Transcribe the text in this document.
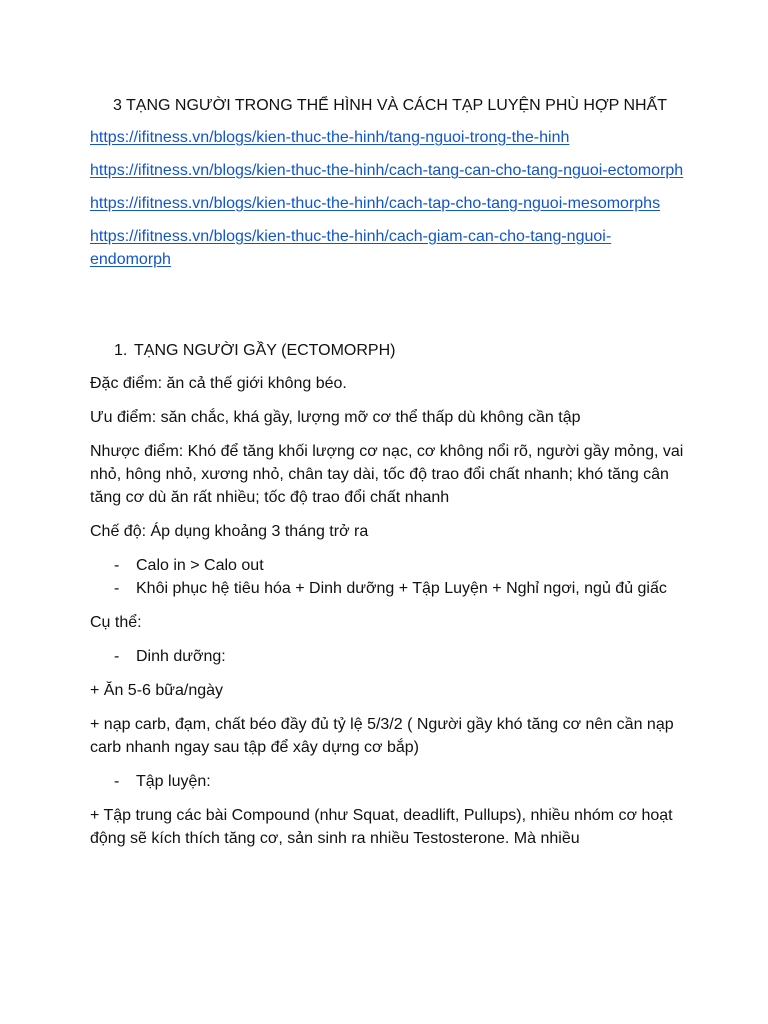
3 TẠNG NGƯỜI TRONG THỂ HÌNH VÀ CÁCH TẠP LUYỆN PHÙ HỢP NHẤT
https://ifitness.vn/blogs/kien-thuc-the-hinh/tang-nguoi-trong-the-hinh
https://ifitness.vn/blogs/kien-thuc-the-hinh/cach-tang-can-cho-tang-nguoi-ectomorph
https://ifitness.vn/blogs/kien-thuc-the-hinh/cach-tap-cho-tang-nguoi-mesomorphs
https://ifitness.vn/blogs/kien-thuc-the-hinh/cach-giam-can-cho-tang-nguoi-endomorph
1. TẠNG NGƯỜI GẦY (ECTOMORPH)
Đặc điểm: ăn cả thế giới không béo.
Ưu điểm: săn chắc, khá gầy, lượng mỡ cơ thể thấp dù không cần tập
Nhược điểm: Khó để tăng khối lượng cơ nạc, cơ không nổi rõ, người gầy mỏng, vai nhỏ, hông nhỏ, xương nhỏ, chân tay dài, tốc độ trao đổi chất nhanh; khó tăng cân tăng cơ dù ăn rất nhiều; tốc độ trao đổi chất nhanh
Chế độ: Áp dụng khoảng 3 tháng trở ra
-	Calo in > Calo out
-	Khôi phục hệ tiêu hóa + Dinh dưỡng + Tập Luyện + Nghỉ ngơi, ngủ đủ giấc
Cụ thể:
-	Dinh dưỡng:
+ Ăn 5-6 bữa/ngày
+ nạp carb, đạm, chất béo đầy đủ tỷ lệ 5/3/2 ( Người gầy khó tăng cơ nên cần nạp carb nhanh ngay sau tập để xây dựng cơ bắp)
-	Tập luyện:
+ Tập trung các bài Compound (như Squat, deadlift, Pullups), nhiều nhóm cơ hoạt động sẽ kích thích tăng cơ, sản sinh ra nhiều Testosterone. Mà nhiều
